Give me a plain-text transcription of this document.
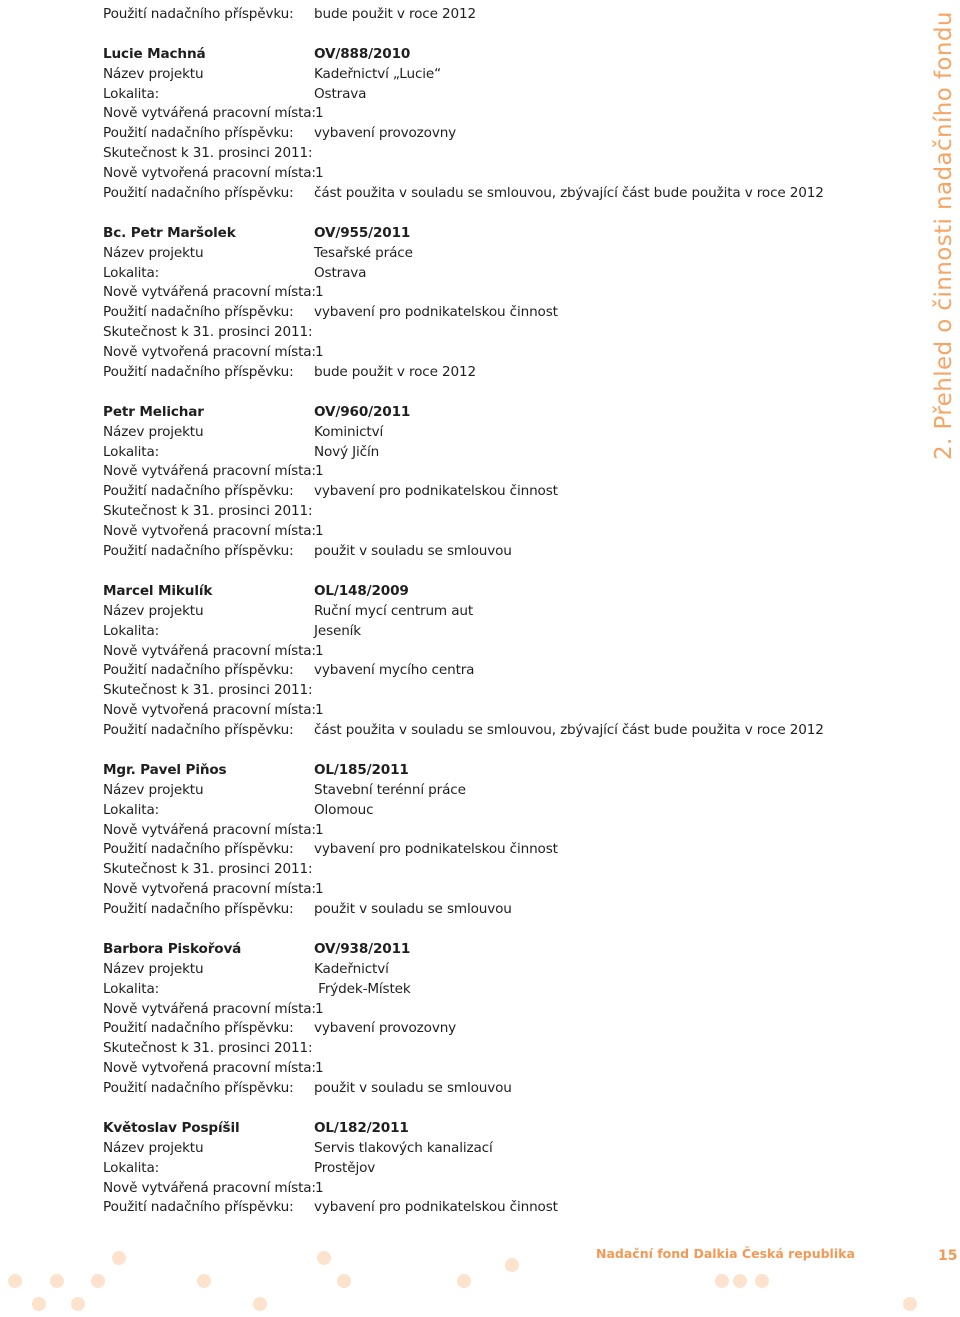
Použití nadačního příspěvku: bude použit v roce 2012
Lucie Machná	OV/888/2010
Název projektu	Kadeřnictví „Lucie“
Lokalita:	Ostrava
Nově vytvářená pracovní místa: 1
Použití nadačního příspěvku: vybavení provozovny
Skutečnost k 31. prosinci 2011:
Nově vytvořená pracovní místa: 1
Použití nadačního příspěvku: část použita v souladu se smlouvou, zbývající část bude použita v roce 2012
Bc. Petr Maršolek	OV/955/2011
Název projektu	Tesařské práce
Lokalita:	Ostrava
Nově vytvářená pracovní místa: 1
Použití nadačního příspěvku: vybavení pro podnikatelskou činnost
Skutečnost k 31. prosinci 2011:
Nově vytvořená pracovní místa: 1
Použití nadačního příspěvku: bude použit v roce 2012
Petr Melichar	OV/960/2011
Název projektu	Kominictví
Lokalita:	Nový Jičín
Nově vytvářená pracovní místa: 1
Použití nadačního příspěvku: vybavení pro podnikatelskou činnost
Skutečnost k 31. prosinci 2011:
Nově vytvořená pracovní místa: 1
Použití nadačního příspěvku: použit v souladu se smlouvou
Marcel Mikulík	OL/148/2009
Název projektu	Ruční mycí centrum aut
Lokalita:	Jeseník
Nově vytvářená pracovní místa: 1
Použití nadačního příspěvku: vybavení mycího centra
Skutečnost k 31. prosinci 2011:
Nově vytvořená pracovní místa: 1
Použití nadačního příspěvku: část použita v souladu se smlouvou, zbývající část bude použita v roce 2012
Mgr. Pavel Piňos	OL/185/2011
Název projektu	Stavební terénní práce
Lokalita:	Olomouc
Nově vytvářená pracovní místa: 1
Použití nadačního příspěvku: vybavení pro podnikatelskou činnost
Skutečnost k 31. prosinci 2011:
Nově vytvořená pracovní místa: 1
Použití nadačního příspěvku: použit v souladu se smlouvou
Barbora Piskořová	OV/938/2011
Název projektu	Kadeřnictví
Lokalita:	Frýdek-Místek
Nově vytvářená pracovní místa: 1
Použití nadačního příspěvku: vybavení provozovny
Skutečnost k 31. prosinci 2011:
Nově vytvořená pracovní místa: 1
Použití nadačního příspěvku: použit v souladu se smlouvou
Květoslav Pospíšil	OL/182/2011
Název projektu	Servis tlakových kanalizací
Lokalita:	Prostějov
Nově vytvářená pracovní místa: 1
Použití nadačního příspěvku: vybavení pro podnikatelskou činnost
2. Přehled o činnosti nadačního fondu
Nadační fond Dalkia Česká republika	15
